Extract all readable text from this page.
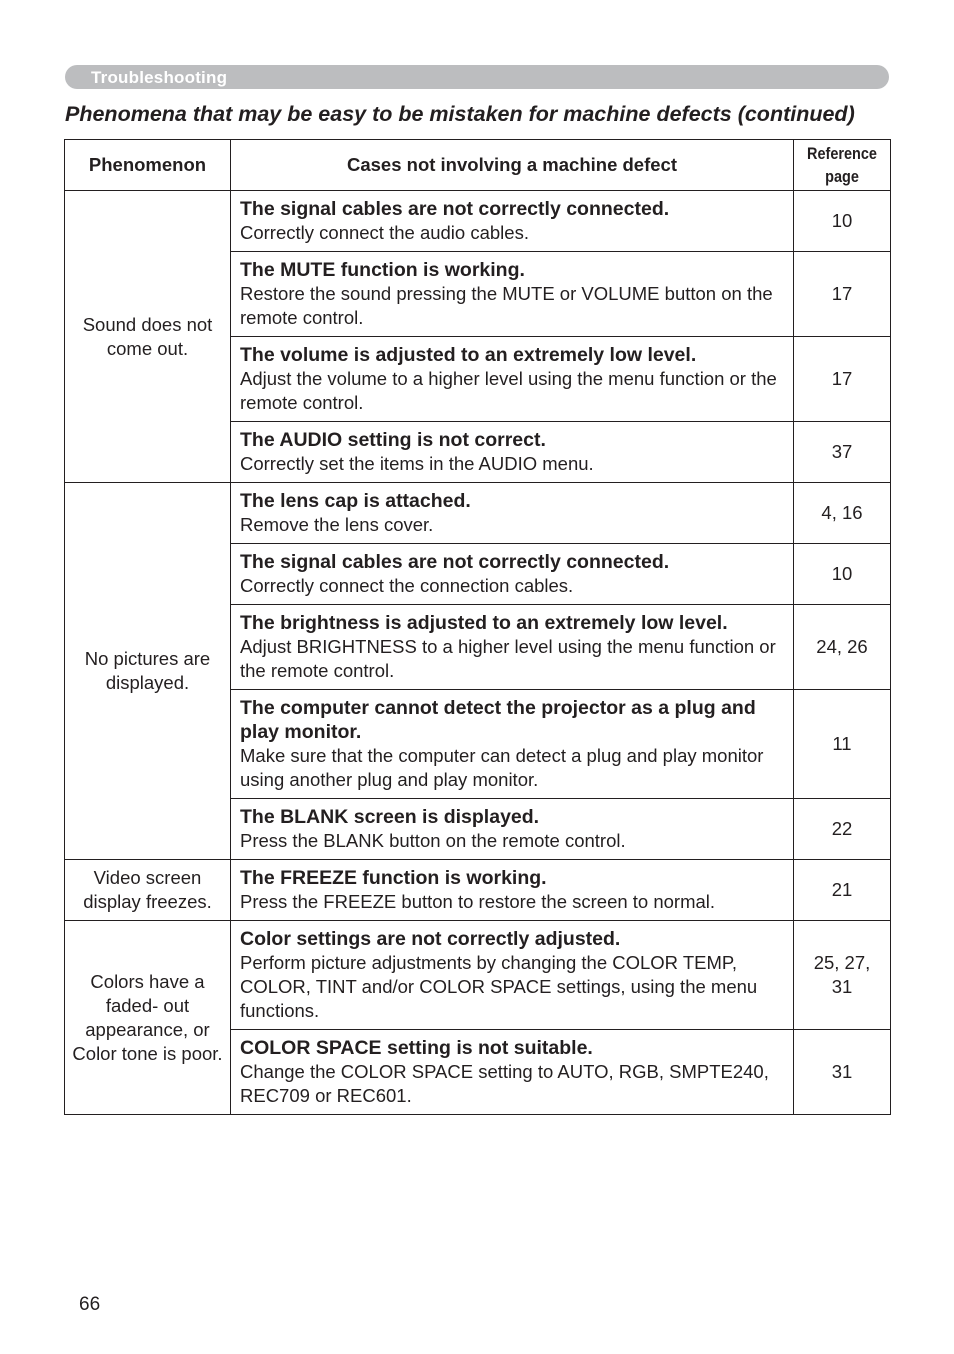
Troubleshooting
Phenomena that may be easy to be mistaken for machine defects (continued)
Phenomenon	Cases not involving a machine defect	Reference
page

Sound does not come out.	The signal cables are not correctly connected.
Correctly connect the audio cables.	10

	The MUTE function is working.
Restore the sound pressing the MUTE or VOLUME button on the remote control.	17

	The volume is adjusted to an extremely low level.
Adjust the volume to a higher level using the menu function or the remote control.	17

	The AUDIO setting is not correct.
Correctly set the items in the AUDIO menu.	37
No pictures are displayed.	The lens cap is attached.
Remove the lens cover.	4, 16

	The signal cables are not correctly connected.
Correctly connect the connection cables.	10

	The brightness is adjusted to an extremely low level.
Adjust BRIGHTNESS to a higher level using the menu function or the remote control.	24, 26

	The computer cannot detect the projector as a plug and play monitor.
Make sure that the computer can detect a plug and play monitor using another plug and play monitor.	11

	The BLANK screen is displayed.
Press the BLANK button on the remote control.	22
Video screen display freezes.	The FREEZE function is working.
Press the FREEZE button to restore the screen to normal.	21
Colors have a faded- out appearance, or Color tone is poor.	Color settings are not correctly adjusted.
Perform picture adjustments by changing the COLOR TEMP, COLOR, TINT and/or COLOR SPACE settings, using the menu functions.	25, 27, 31

	COLOR SPACE setting is not suitable.
Change the COLOR SPACE setting to AUTO, RGB, SMPTE240, REC709 or REC601.	31
66
